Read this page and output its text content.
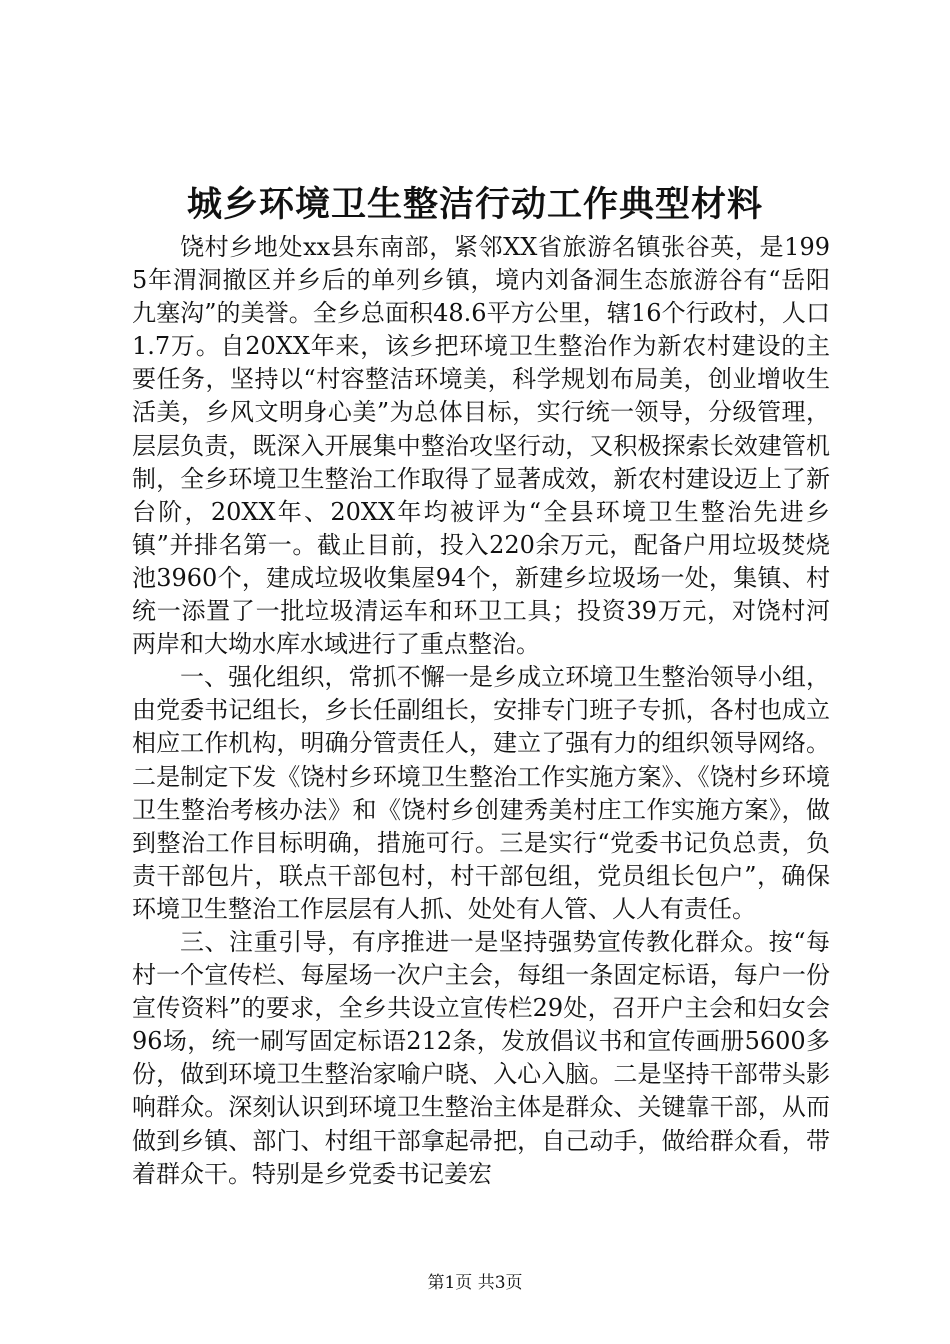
城乡环境卫生整洁行动工作典型材料

饶村乡地处xx县东南部，紧邻XX省旅游名镇张谷英，是1995年渭洞撤区并乡后的单列乡镇，境内刘备洞生态旅游谷有“岳阳九塞沟”的美誉。全乡总面积48.6平方公里，辖16个行政村，人口1.7万。自20XX年来，该乡把环境卫生整治作为新农村建设的主要任务，坚持以“村容整洁环境美，科学规划布局美，创业增收生活美，乡风文明身心美”为总体目标，实行统一领导，分级管理，层层负责，既深入开展集中整治攻坚行动，又积极探索长效建管机制，全乡环境卫生整治工作取得了显著成效，新农村建设迈上了新台阶，20XX年、20XX年均被评为“全县环境卫生整治先进乡镇”并排名第一。截止目前，投入220余万元，配备户用垃圾焚烧池3960个，建成垃圾收集屋94个，新建乡垃圾场一处，集镇、村统一添置了一批垃圾清运车和环卫工具；投资39万元，对饶村河两岸和大坳水库水域进行了重点整治。

一、强化组织，常抓不懈一是乡成立环境卫生整治领导小组，由党委书记组长，乡长任副组长，安排专门班子专抓，各村也成立相应工作机构，明确分管责任人，建立了强有力的组织领导网络。二是制定下发《饶村乡环境卫生整治工作实施方案》、《饶村乡环境卫生整治考核办法》和《饶村乡创建秀美村庄工作实施方案》，做到整治工作目标明确，措施可行。三是实行“党委书记负总责，负责干部包片，联点干部包村，村干部包组，党员组长包户”，确保环境卫生整治工作层层有人抓、处处有人管、人人有责任。

三、注重引导，有序推进一是坚持强势宣传教化群众。按“每村一个宣传栏、每屋场一次户主会，每组一条固定标语，每户一份宣传资料”的要求，全乡共设立宣传栏29处，召开户主会和妇女会96场，统一刷写固定标语212条，发放倡议书和宣传画册5600多份，做到环境卫生整治家喻户晓、入心入脑。二是坚持干部带头影响群众。深刻认识到环境卫生整治主体是群众、关键靠干部，从而做到乡镇、部门、村组干部拿起帚把，自己动手，做给群众看，带着群众干。特别是乡党委书记姜宏

第1页 共3页
